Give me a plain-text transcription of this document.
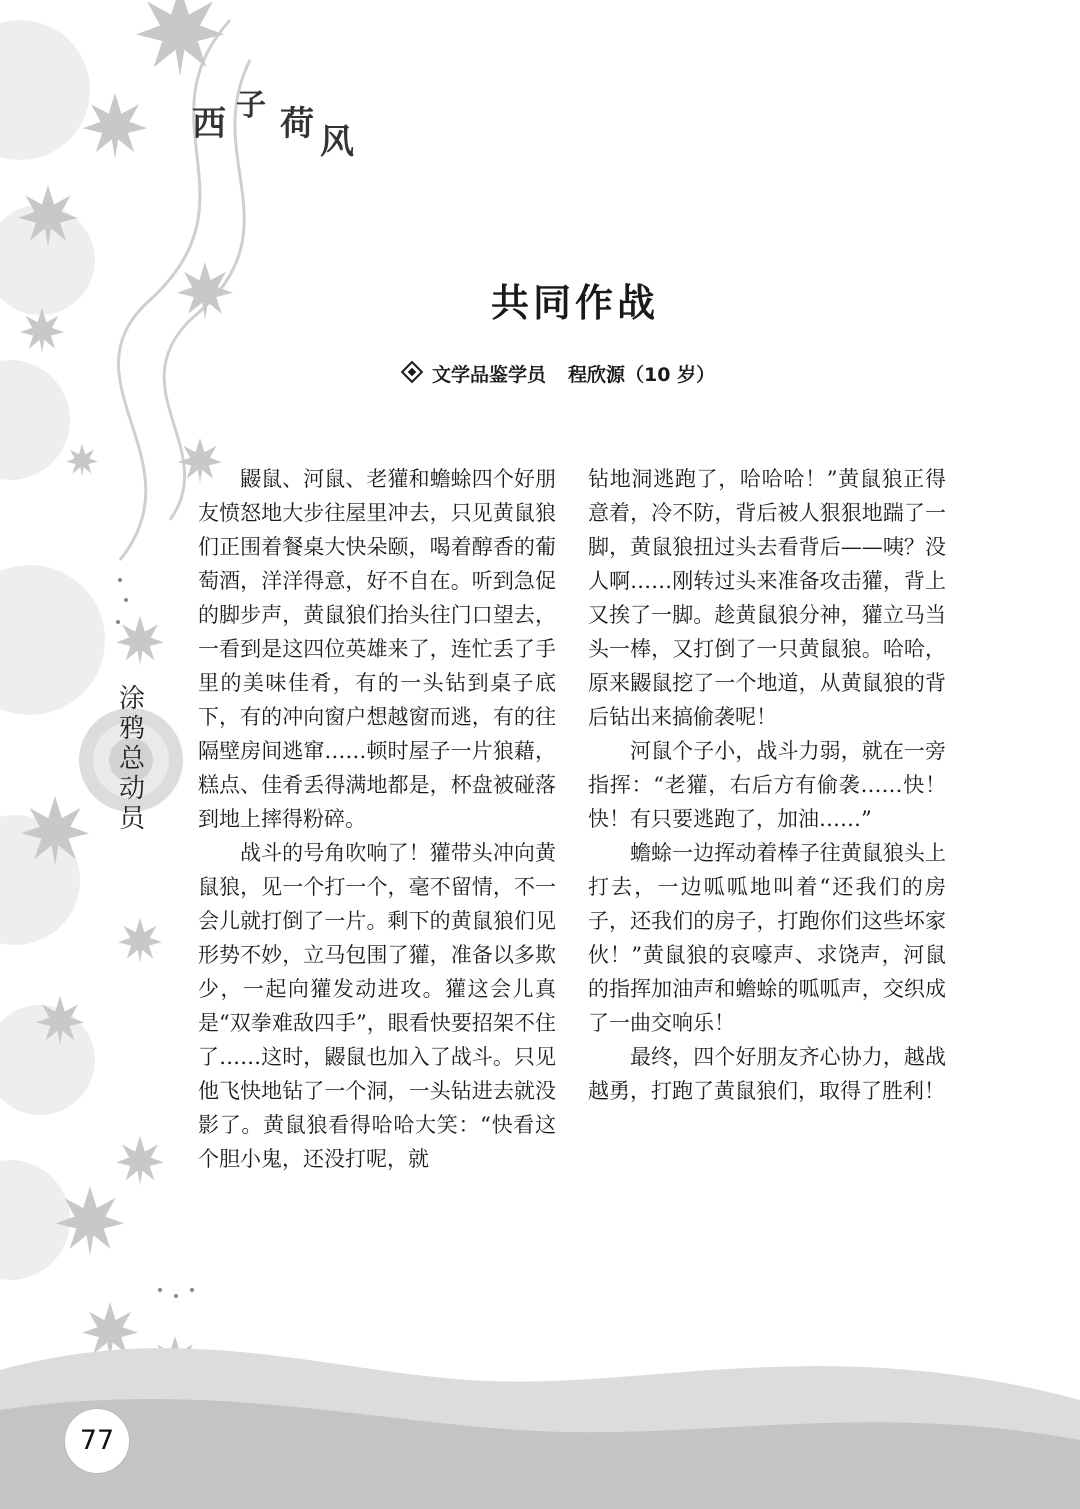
西 子 荷 风
共同作战
文学品鉴学员 程欣源（10 岁）
涂
鸦
总
动
员

鼹鼠、河鼠、老獾和蟾蜍四个好朋友愤怒地大步往屋里冲去，只见黄鼠狼们正围着餐桌大快朵颐，喝着醇香的葡萄酒，洋洋得意，好不自在。听到急促的脚步声，黄鼠狼们抬头往门口望去，一看到是这四位英雄来了，连忙丢了手里的美味佳肴，有的一头钻到桌子底下，有的冲向窗户想越窗而逃，有的往隔壁房间逃窜……顿时屋子一片狼藉，糕点、佳肴丢得满地都是，杯盘被碰落到地上摔得粉碎。

战斗的号角吹响了！獾带头冲向黄鼠狼，见一个打一个，毫不留情，不一会儿就打倒了一片。剩下的黄鼠狼们见形势不妙，立马包围了獾，准备以多欺少，一起向獾发动进攻。獾这会儿真是“双拳难敌四手”，眼看快要招架不住了……这时，鼹鼠也加入了战斗。只见他飞快地钻了一个洞，一头钻进去就没影了。黄鼠狼看得哈哈大笑：“快看这个胆小鬼，还没打呢，就

钻地洞逃跑了，哈哈哈！”黄鼠狼正得意着，冷不防，背后被人狠狠地踹了一脚，黄鼠狼扭过头去看背后——咦？没人啊……刚转过头来准备攻击獾，背上又挨了一脚。趁黄鼠狼分神，獾立马当头一棒，又打倒了一只黄鼠狼。哈哈，原来鼹鼠挖了一个地道，从黄鼠狼的背后钻出来搞偷袭呢！

河鼠个子小，战斗力弱，就在一旁指挥：“老獾，右后方有偷袭……快！快！有只要逃跑了，加油……”

蟾蜍一边挥动着棒子往黄鼠狼头上打去，一边呱呱地叫着“还我们的房子，还我们的房子，打跑你们这些坏家伙！”黄鼠狼的哀嚎声、求饶声，河鼠的指挥加油声和蟾蜍的呱呱声，交织成了一曲交响乐！

最终，四个好朋友齐心协力，越战越勇，打跑了黄鼠狼们，取得了胜利！

77
